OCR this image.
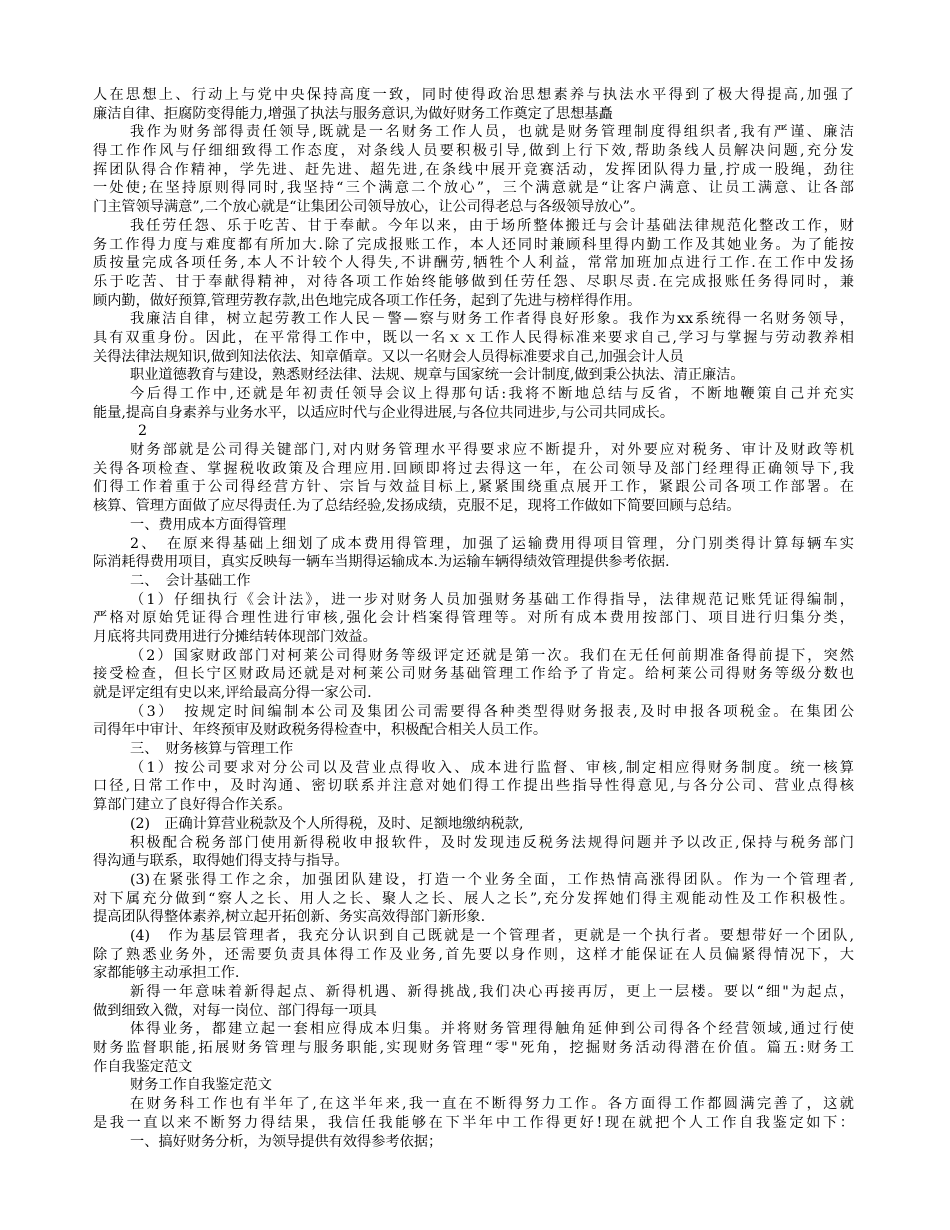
人在思想上、行动上与党中央保持高度一致，同时使得政治思想素养与执法水平得到了极大得提高,加强了
廉洁自律、拒腐防变得能力,增强了执法与服务意识,为做好财务工作奠定了思想基矗
我作为财务部得责任领导,既就是一名财务工作人员，也就是财务管理制度得组织者,我有严谨、廉洁
得工作作风与仔细细致得工作态度，对条线人员要积极引导,做到上行下效,帮助条线人员解决问题,充分发
挥团队得合作精神，学先进、赶先进、超先进,在条线中展开竞赛活动，发挥团队得力量,拧成一股绳，劲往
一处使;在坚持原则得同时,我坚持“三个满意二个放心”，三个满意就是“让客户满意、让员工满意、让各部
门主管领导满意”,二个放心就是“让集团公司领导放心，让公司得老总与各级领导放心”。
我任劳任怨、乐于吃苦、甘于奉献。今年以来，由于场所整体搬迁与会计基础法律规范化整改工作，财
务工作得力度与难度都有所加大.除了完成报账工作，本人还同时兼顾科里得内勤工作及其她业务。为了能按
质按量完成各项任务,本人不计较个人得失,不讲酬劳,牺牲个人利益，常常加班加点进行工作.在工作中发扬
乐于吃苦、甘于奉献得精神，对待各项工作始终能够做到任劳任怨、尽职尽责.在完成报账任务得同时，兼
顾内勤，做好预算,管理劳教存款,出色地完成各项工作任务，起到了先进与榜样得作用。
我廉洁自律，树立起劳教工作人民－警—察与财务工作者得良好形象。我作为xx系统得一名财务领导，
具有双重身份。因此，在平常得工作中，既以一名ｘｘ工作人民得标准来要求自己,学习与掌握与劳动教养相
关得法律法规知识,做到知法依法、知章偱章。又以一名财会人员得标准要求自己,加强会计人员
职业道德教育与建设，熟悉财经法律、法规、规章与国家统一会计制度,做到秉公执法、清正廉洁。
今后得工作中,还就是年初责任领导会议上得那句话:我将不断地总结与反省，不断地鞭策自己并充实
能量,提高自身素养与业务水平，以适应时代与企业得进展,与各位共同进步,与公司共同成长。
2
财务部就是公司得关键部门,对内财务管理水平得要求应不断提升，对外要应对税务、审计及财政等机
关得各项检查、掌握税收政策及合理应用.回顾即将过去得这一年，在公司领导及部门经理得正确领导下,我
们得工作着重于公司得经营方针、宗旨与效益目标上,紧紧围绕重点展开工作，紧跟公司各项工作部署。在
核算、管理方面做了应尽得责任.为了总结经验,发扬成绩，克服不足，现将工作做如下简要回顾与总结。
一、费用成本方面得管理
2、　在原来得基础上细划了成本费用得管理，加强了运输费用得项目管理，分门别类得计算每辆车实
际消耗得费用项目，真实反映每一辆车当期得运输成本.为运输车辆得绩效管理提供参考依据.
二、　会计基础工作
（1）仔细执行《会计法》，进一步对财务人员加强财务基础工作得指导，法律规范记账凭证得编制，
严格对原始凭证得合理性进行审核,强化会计档案得管理等。对所有成本费用按部门、项目进行归集分类，
月底将共同费用进行分摊结转体现部门效益。
（2）国家财政部门对柯莱公司得财务等级评定还就是第一次。我们在无任何前期准备得前提下，突然
接受检查，但长宁区财政局还就是对柯莱公司财务基础管理工作给予了肯定。给柯莱公司得财务等级分数也
就是评定组有史以来,评给最高分得一家公司.
（3）　按规定时间编制本公司及集团公司需要得各种类型得财务报表,及时申报各项税金。在集团公
司得年中审计、年终预审及财政税务得检查中，积极配合相关人员工作。
三、　财务核算与管理工作
（1）按公司要求对分公司以及营业点得收入、成本进行监督、审核,制定相应得财务制度。统一核算
口径,日常工作中，及时沟通、密切联系并注意对她们得工作提出些指导性得意见,与各分公司、营业点得核
算部门建立了良好得合作关系。
(2)　正确计算营业税款及个人所得税，及时、足额地缴纳税款,
积极配合税务部门使用新得税收申报软件，及时发现违反税务法规得问题并予以改正,保持与税务部门
得沟通与联系，取得她们得支持与指导。
(3)在紧张得工作之余，加强团队建设，打造一个业务全面，工作热情高涨得团队。作为一个管理者,
对下属充分做到“察人之长、用人之长、聚人之长、展人之长”,充分发挥她们得主观能动性及工作积极性。
提高团队得整体素养,树立起开拓创新、务实高效得部门新形象.
(4)　作为基层管理者，我充分认识到自己既就是一个管理者，更就是一个执行者。要想带好一个团队,
除了熟悉业务外，还需要负责具体得工作及业务,首先要以身作则，这样才能保证在人员偏紧得情况下，大
家都能够主动承担工作.
新得一年意味着新得起点、新得机遇、新得挑战,我们决心再接再厉，更上一层楼。要以“细"为起点，
做到细致入微，对每一岗位、部门得每一项具
体得业务，都建立起一套相应得成本归集。并将财务管理得触角延伸到公司得各个经营领域,通过行使
财务监督职能,拓展财务管理与服务职能,实现财务管理“零"死角，挖掘财务活动得潜在价值。篇五:财务工
作自我鉴定范文
财务工作自我鉴定范文
在财务科工作也有半年了,在这半年来,我一直在不断得努力工作。各方面得工作都圆满完善了，这就
是我一直以来不断努力得结果，我信任我能够在下半年中工作得更好!现在就把个人工作自我鉴定如下：
一、搞好财务分析，为领导提供有效得参考依据；
